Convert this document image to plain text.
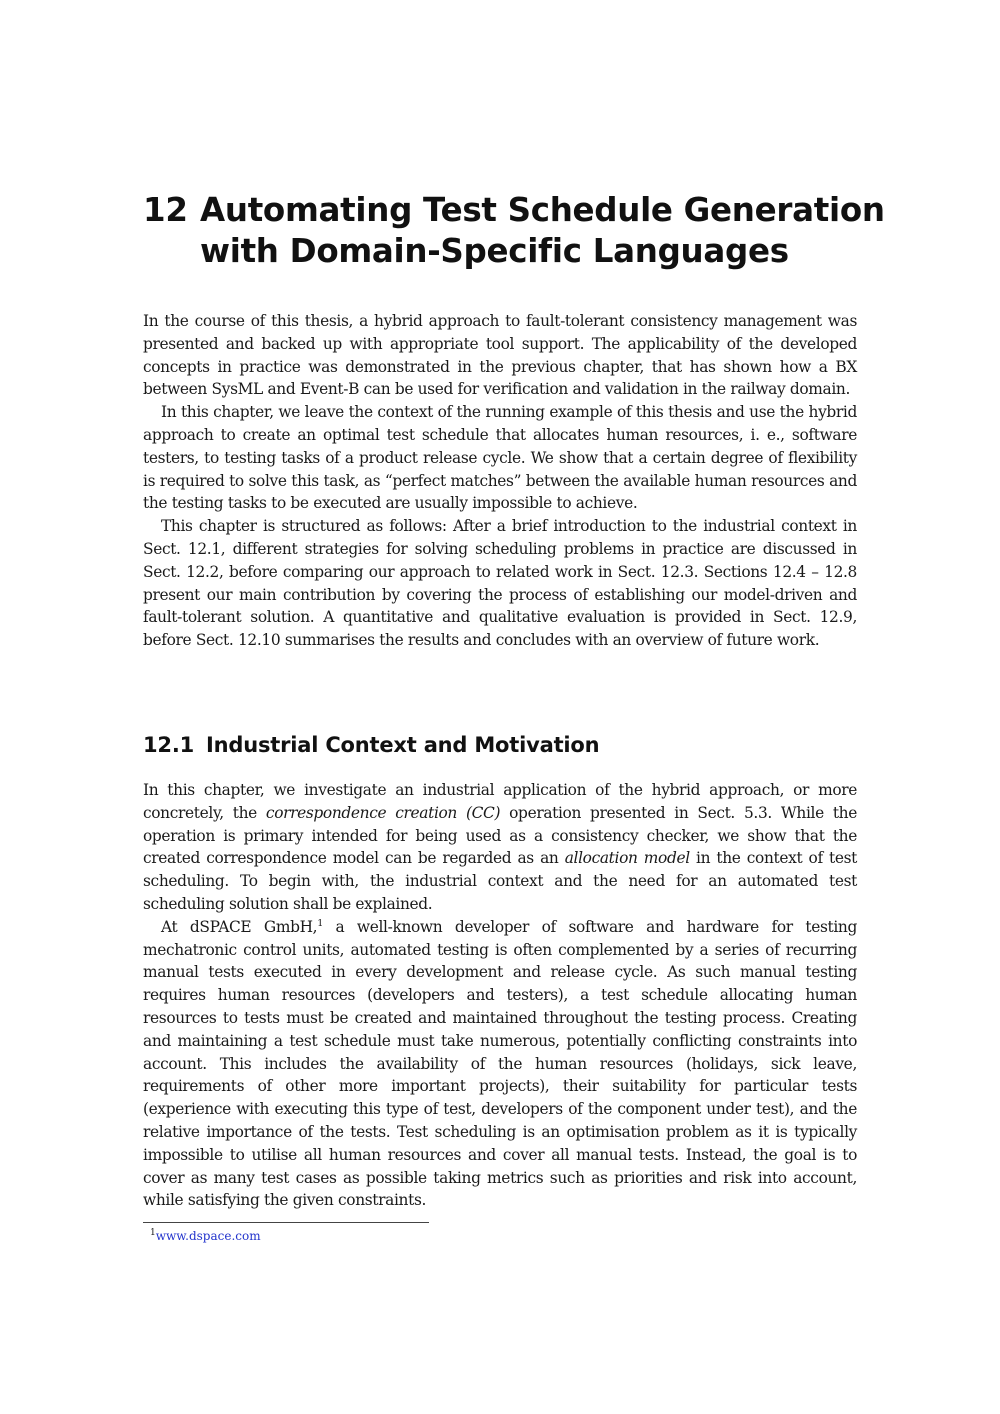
12 Automating Test Schedule Generation
with Domain-Specific Languages

In the course of this thesis, a hybrid approach to fault-tolerant consistency management was presented and backed up with appropriate tool support. The applicability of the developed concepts in practice was demonstrated in the previous chapter, that has shown how a BX between SysML and Event-B can be used for verification and validation in the railway domain.

In this chapter, we leave the context of the running example of this thesis and use the hybrid approach to create an optimal test schedule that allocates human resources, i. e., software testers, to testing tasks of a product release cycle. We show that a certain degree of flexibility is required to solve this task, as “perfect matches” between the available human resources and the testing tasks to be executed are usually impossible to achieve.

This chapter is structured as follows: After a brief introduction to the industrial context in Sect. 12.1, different strategies for solving scheduling problems in practice are discussed in Sect. 12.2, before comparing our approach to related work in Sect. 12.3. Sections 12.4 – 12.8 present our main contribution by covering the process of establishing our model-driven and fault-tolerant solution. A quantitative and qualitative evaluation is provided in Sect. 12.9, before Sect. 12.10 summarises the results and concludes with an overview of future work.

12.1 Industrial Context and Motivation

In this chapter, we investigate an industrial application of the hybrid approach, or more concretely, the correspondence creation (CC) operation presented in Sect. 5.3. While the operation is primary intended for being used as a consistency checker, we show that the created correspondence model can be regarded as an allocation model in the context of test scheduling. To begin with, the industrial context and the need for an automated test scheduling solution shall be explained.

At dSPACE GmbH,$^1$ a well-known developer of software and hardware for testing mechatronic control units, automated testing is often complemented by a series of recurring manual tests executed in every development and release cycle. As such manual testing requires human resources (developers and testers), a test schedule allocating human resources to tests must be created and maintained throughout the testing process. Creating and maintaining a test schedule must take numerous, potentially conflicting constraints into account. This includes the availability of the human resources (holidays, sick leave, requirements of other more important projects), their suitability for particular tests (experience with executing this type of test, developers of the component under test), and the relative importance of the tests. Test scheduling is an optimisation problem as it is typically impossible to utilise all human resources and cover all manual tests. Instead, the goal is to cover as many test cases as possible taking metrics such as priorities and risk into account, while satisfying the given constraints.

$^1$www.dspace.com
